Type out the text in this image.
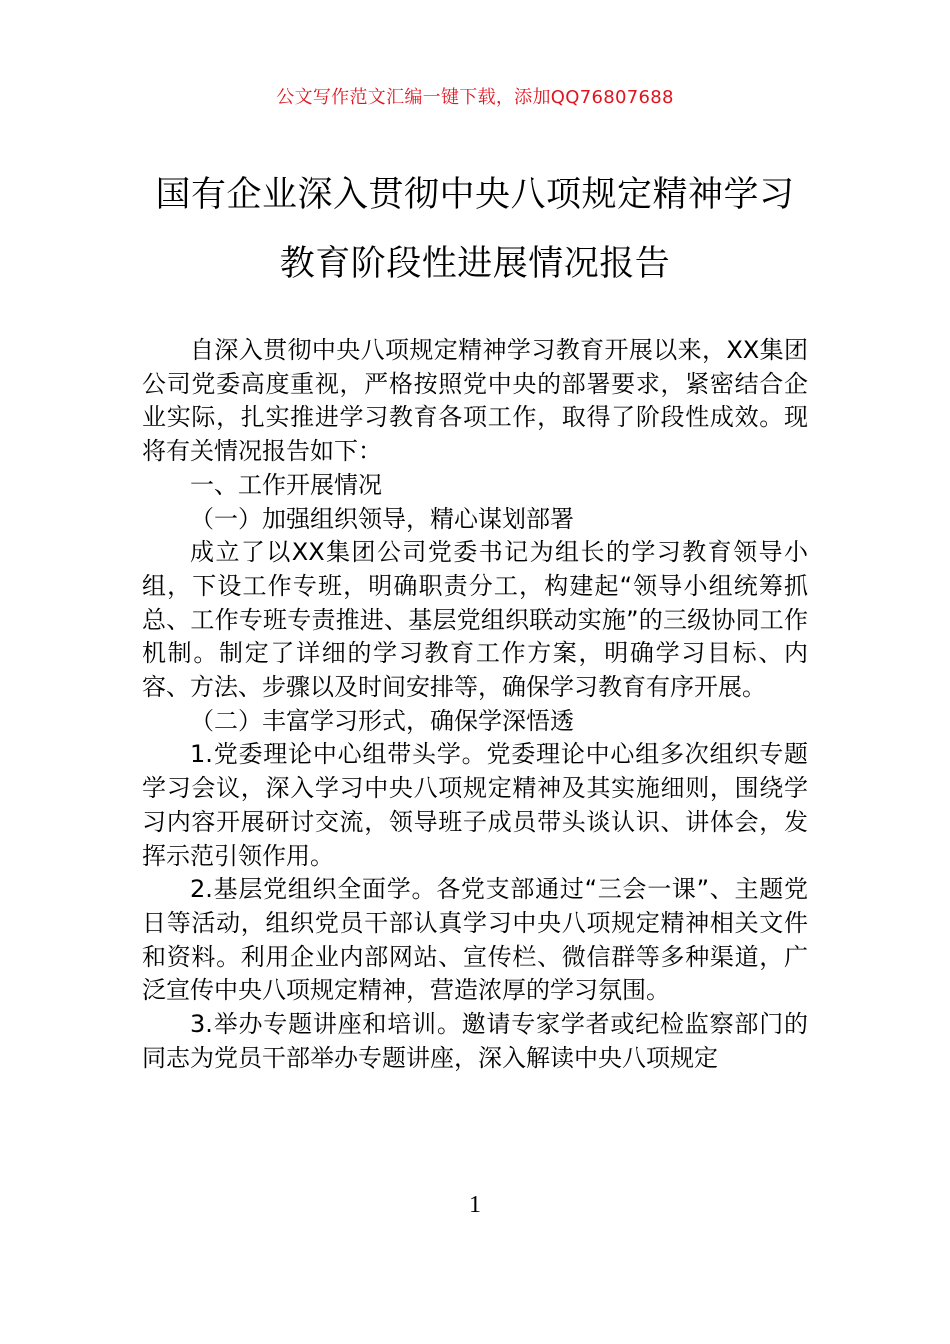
公文写作范文汇编一键下载，添加QQ76807688
国有企业深入贯彻中央八项规定精神学习
教育阶段性进展情况报告

自深入贯彻中央八项规定精神学习教育开展以来，XX集团公司党委高度重视，严格按照党中央的部署要求，紧密结合企业实际，扎实推进学习教育各项工作，取得了阶段性成效。现将有关情况报告如下：

一、工作开展情况

（一）加强组织领导，精心谋划部署

成立了以XX集团公司党委书记为组长的学习教育领导小组，下设工作专班，明确职责分工，构建起“领导小组统筹抓总、工作专班专责推进、基层党组织联动实施”的三级协同工作机制。制定了详细的学习教育工作方案，明确学习目标、内容、方法、步骤以及时间安排等，确保学习教育有序开展。

（二）丰富学习形式，确保学深悟透

1.党委理论中心组带头学。党委理论中心组多次组织专题学习会议，深入学习中央八项规定精神及其实施细则，围绕学习内容开展研讨交流，领导班子成员带头谈认识、讲体会，发挥示范引领作用。

2.基层党组织全面学。各党支部通过“三会一课”、主题党日等活动，组织党员干部认真学习中央八项规定精神相关文件和资料。利用企业内部网站、宣传栏、微信群等多种渠道，广泛宣传中央八项规定精神，营造浓厚的学习氛围。

3.举办专题讲座和培训。邀请专家学者或纪检监察部门的同志为党员干部举办专题讲座，深入解读中央八项规定

1
